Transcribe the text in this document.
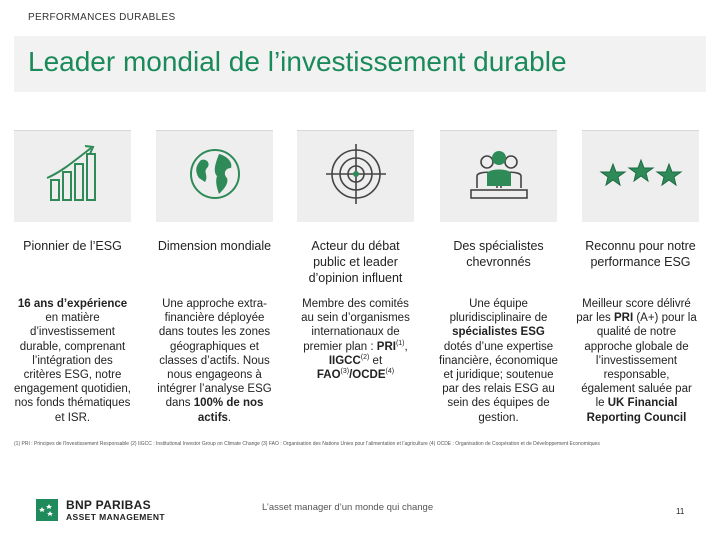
PERFORMANCES DURABLES
Leader mondial de l’investissement durable
Pionnier de l’ESG
16 ans d’expérience en matière d’investissement durable, comprenant l’intégration des critères ESG, notre engagement quotidien, nos fonds thématiques et ISR.
Dimension mondiale
Une approche extra-financière déployée dans toutes les zones géographiques et classes d’actifs. Nous nous engageons à intégrer l’analyse ESG dans 100% de nos actifs.
Acteur du débat public et leader d’opinion influent
Membre des comités au sein d’organismes internationaux de premier plan : PRI$^{(1)}$, IIGCC$^{(2)}$ et FAO$^{(3)}$/OCDE$^{(4)}$
Des spécialistes chevronnés
Une équipe pluridisciplinaire de spécialistes ESG dotés d’une expertise financière, économique et juridique; soutenue par des relais ESG au sein des équipes de gestion.
Reconnu pour notre performance ESG
Meilleur score délivré par les PRI (A+) pour la qualité de notre approche globale de l’investissement responsable, également saluée par le UK Financial Reporting Council
(1) PRI : Principes de l’Investissement Responsable (2) IIGCC : Institutional Investor Group on Climate Change (3) FAO : Organisation des Nations Unies pour l’alimentation et l’agriculture (4) OCDE : Organisation de Coopération et de Développement Economiques
BNP PARIBAS
ASSET MANAGEMENT
L’asset manager d’un monde qui change	11
